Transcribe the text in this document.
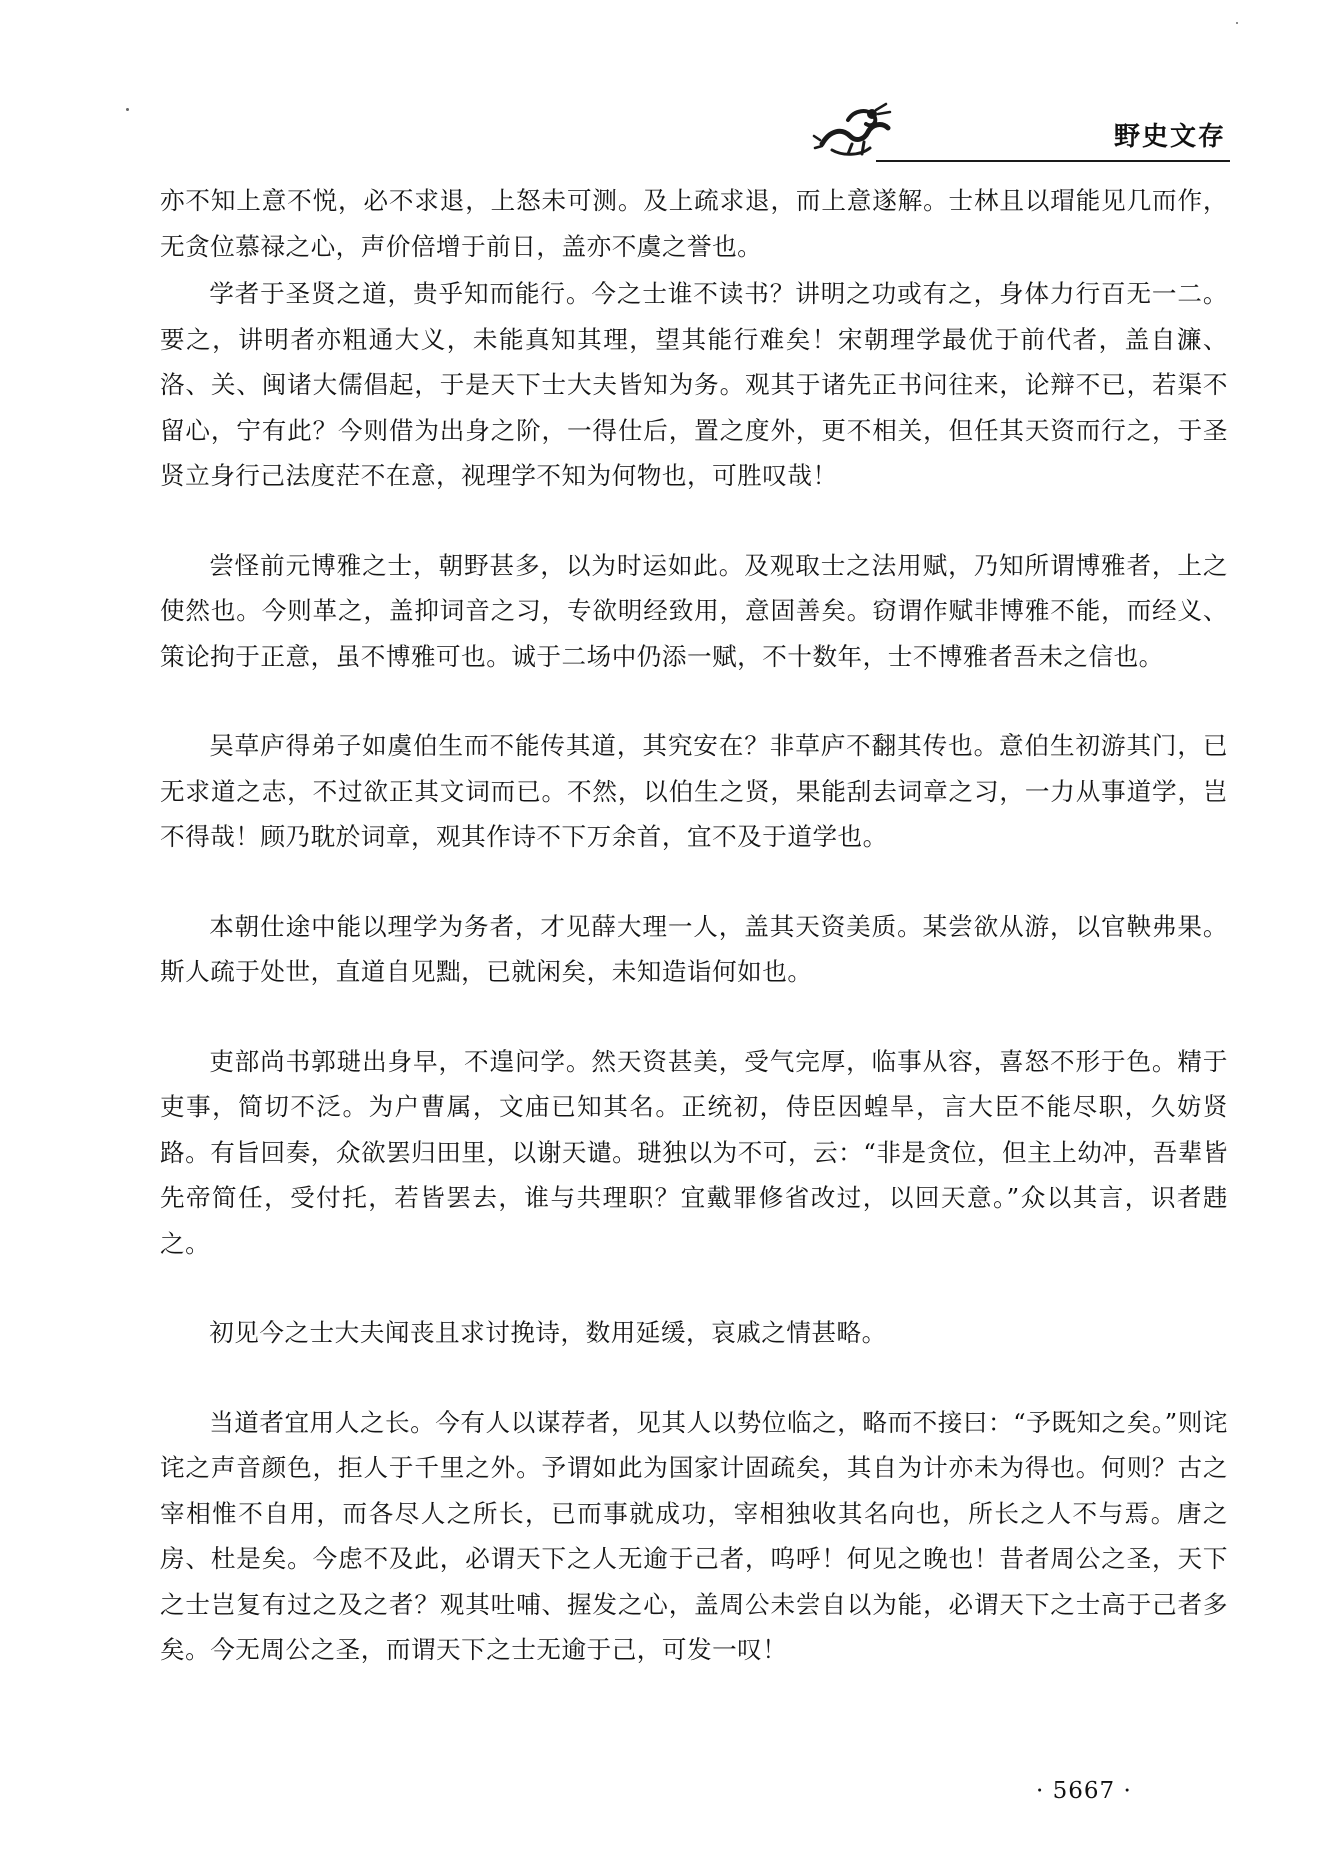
野史文存

亦不知上意不悦，必不求退，上怒未可测。及上疏求退，而上意遂解。士林且以瑁能见几而作，无贪位慕禄之心，声价倍增于前日，盖亦不虞之誉也。

学者于圣贤之道，贵乎知而能行。今之士谁不读书？讲明之功或有之，身体力行百无一二。要之，讲明者亦粗通大义，未能真知其理，望其能行难矣！宋朝理学最优于前代者，盖自濂、洛、关、闽诸大儒倡起，于是天下士大夫皆知为务。观其于诸先正书问往来，论辩不已，若渠不留心，宁有此？今则借为出身之阶，一得仕后，置之度外，更不相关，但任其天资而行之，于圣贤立身行己法度茫不在意，视理学不知为何物也，可胜叹哉！

尝怪前元博雅之士，朝野甚多，以为时运如此。及观取士之法用赋，乃知所谓博雅者，上之使然也。今则革之，盖抑词音之习，专欲明经致用，意固善矣。窃谓作赋非博雅不能，而经义、策论拘于正意，虽不博雅可也。诚于二场中仍添一赋，不十数年，士不博雅者吾未之信也。

吴草庐得弟子如虞伯生而不能传其道，其究安在？非草庐不翻其传也。意伯生初游其门，已无求道之志，不过欲正其文词而已。不然，以伯生之贤，果能刮去词章之习，一力从事道学，岂不得哉！顾乃耽於词章，观其作诗不下万余首，宜不及于道学也。

本朝仕途中能以理学为务者，才见薛大理一人，盖其天资美质。某尝欲从游，以官鞅弗果。斯人疏于处世，直道自见黜，已就闲矣，未知造诣何如也。

吏部尚书郭琎出身早，不遑问学。然天资甚美，受气完厚，临事从容，喜怒不形于色。精于吏事，简切不泛。为户曹属，文庙已知其名。正统初，侍臣因蝗旱，言大臣不能尽职，久妨贤路。有旨回奏，众欲罢归田里，以谢天谴。琎独以为不可，云：“非是贪位，但主上幼冲，吾辈皆先帝简任，受付托，若皆罢去，谁与共理职？宜戴罪修省改过，以回天意。”众以其言，识者韪之。

初见今之士大夫闻丧且求讨挽诗，数用延缓，哀戚之情甚略。

当道者宜用人之长。今有人以谋荐者，见其人以势位临之，略而不接曰：“予既知之矣。”则诧诧之声音颜色，拒人于千里之外。予谓如此为国家计固疏矣，其自为计亦未为得也。何则？古之宰相惟不自用，而各尽人之所长，已而事就成功，宰相独收其名向也，所长之人不与焉。唐之房、杜是矣。今虑不及此，必谓天下之人无逾于己者，呜呼！何见之晚也！昔者周公之圣，天下之士岂复有过之及之者？观其吐哺、握发之心，盖周公未尝自以为能，必谓天下之士高于己者多矣。今无周公之圣，而谓天下之士无逾于己，可发一叹！

· 5667 ·
